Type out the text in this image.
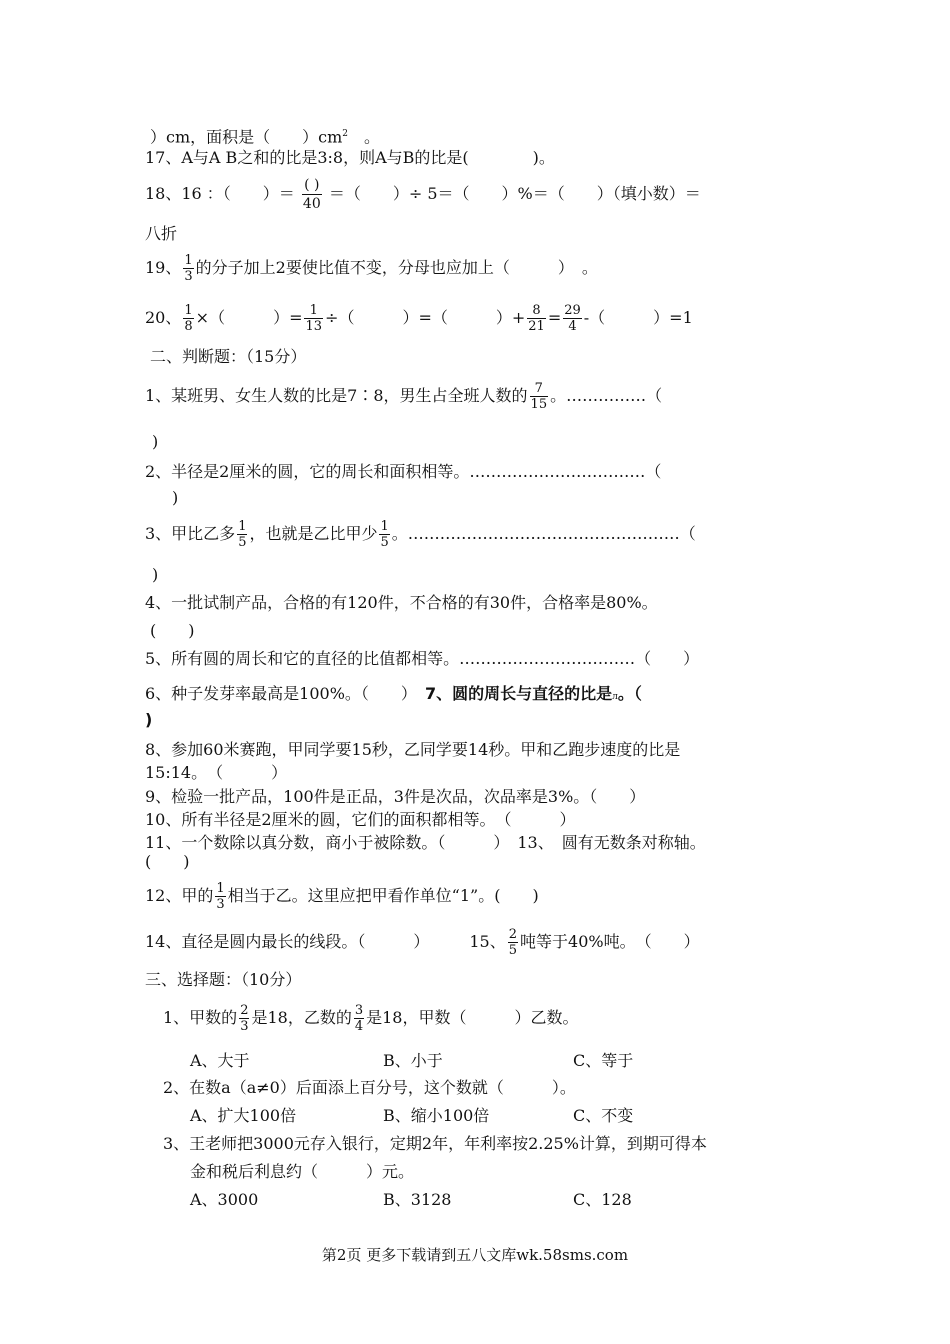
）cm，面积是（　　）$cm^2$　 。
17、A与A B之和的比是3:8，则A与B的比是(　　　　)。
18、16 ：（　　）＝ $\frac{( )}{40}$ ＝（　　）÷ 5＝（　　）%＝（　　）（填小数）＝
八折
19、 $\frac{1}{3}$ 的分子加上2要使比值不变，分母也应加上（　　　）　。
20、 $\frac{1}{8}$ ×（　　　）= $\frac{1}{13}$ ÷（　　　）=（　　　）+ $\frac{8}{21} = \frac{29}{4}$ -（　　　）=1
二、判断题：（15分）
1、某班男、女生人数的比是7∶8，男生占全班人数的 $\frac{7}{15}$ 。……………（
)
2、半径是2厘米的圆，它的周长和面积相等。……………………………（
)
3、甲比乙多 $\frac{1}{5}$ ，也就是乙比甲少 $\frac{1}{5}$ 。……………………………………………（
)
4、一批试制产品，合格的有120件，不合格的有30件，合格率是80%。
(　　)
5、所有圆的周长和它的直径的比值都相等。……………………………（　　）
6、种子发芽率最高是100%。（　　）　 7、圆的周长与直径的比是л。（
)
8、参加60米赛跑，甲同学要15秒，乙同学要14秒。甲和乙跑步速度的比是
15:14。　（　　　）
9、检验一批产品，100件是正品，3件是次品，次品率是3%。（　　）
10、所有半径是2厘米的圆，它们的面积都相等。　（　　　）
11、一个数除以真分数，商小于被除数。（　　　）　13、　圆有无数条对称轴。
(　　)
12、甲的 $\frac{1}{3}$ 相当于乙。这里应把甲看作单位“1”。(　　)
14、直径是圆内最长的线段。（　　　）　　　15、 $\frac{2}{5}$ 吨等于40%吨。　（　　）
三、选择题：（10分）
1、甲数的 $\frac{2}{3}$ 是18，乙数的 $\frac{3}{4}$ 是18，甲数（　　　）乙数。
A、大于	B、小于	C、等于
2、在数a（a≠0）后面添上百分号，这个数就（　　　）。
A、扩大100倍	B、缩小100倍	C、不变
3、王老师把3000元存入银行，定期2年，年利率按2.25%计算，到期可得本
金和税后利息约（　　　）元。
A、3000	B、3128	C、128
第2页 更多下载请到五八文库wk.58sms.com
